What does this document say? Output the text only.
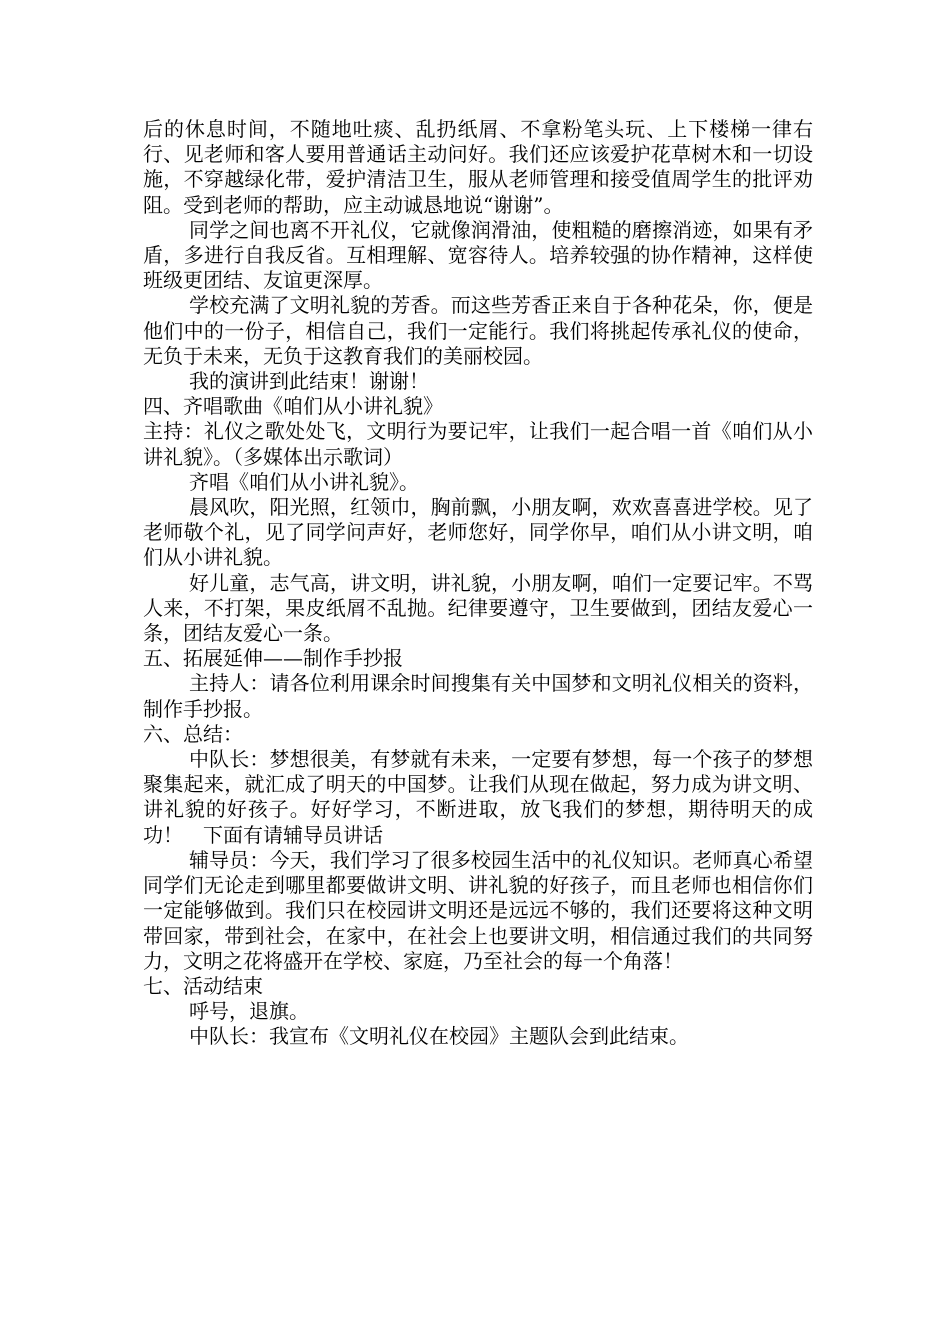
后的休息时间，不随地吐痰、乱扔纸屑、不拿粉笔头玩、上下楼梯一律右行、见老师和客人要用普通话主动问好。我们还应该爱护花草树木和一切设施，不穿越绿化带，爱护清洁卫生，服从老师管理和接受值周学生的批评劝阻。受到老师的帮助，应主动诚恳地说“谢谢”。

同学之间也离不开礼仪，它就像润滑油，使粗糙的磨擦消迹，如果有矛盾，多进行自我反省。互相理解、宽容待人。培养较强的协作精神，这样使班级更团结、友谊更深厚。

学校充满了文明礼貌的芳香。而这些芳香正来自于各种花朵，你，便是他们中的一份子，相信自己，我们一定能行。我们将挑起传承礼仪的使命，无负于未来，无负于这教育我们的美丽校园。

我的演讲到此结束！谢谢！

四、齐唱歌曲《咱们从小讲礼貌》

主持：礼仪之歌处处飞，文明行为要记牢，让我们一起合唱一首《咱们从小讲礼貌》。（多媒体出示歌词）

齐唱《咱们从小讲礼貌》。

晨风吹，阳光照，红领巾，胸前飘，小朋友啊，欢欢喜喜进学校。见了老师敬个礼，见了同学问声好，老师您好，同学你早，咱们从小讲文明，咱们从小讲礼貌。

好儿童，志气高，讲文明，讲礼貌，小朋友啊，咱们一定要记牢。不骂人来，不打架，果皮纸屑不乱抛。纪律要遵守，卫生要做到，团结友爱心一条，团结友爱心一条。

五、拓展延伸——制作手抄报

主持人：请各位利用课余时间搜集有关中国梦和文明礼仪相关的资料，制作手抄报。

六、总结：

中队长：梦想很美，有梦就有未来，一定要有梦想，每一个孩子的梦想聚集起来，就汇成了明天的中国梦。让我们从现在做起，努力成为讲文明、讲礼貌的好孩子。好好学习，不断进取，放飞我们的梦想，期待明天的成功！　下面有请辅导员讲话

辅导员：今天，我们学习了很多校园生活中的礼仪知识。老师真心希望同学们无论走到哪里都要做讲文明、讲礼貌的好孩子，而且老师也相信你们一定能够做到。我们只在校园讲文明还是远远不够的，我们还要将这种文明带回家，带到社会，在家中，在社会上也要讲文明，相信通过我们的共同努力，文明之花将盛开在学校、家庭，乃至社会的每一个角落！

七、活动结束

呼号，退旗。

中队长：我宣布《文明礼仪在校园》主题队会到此结束。
